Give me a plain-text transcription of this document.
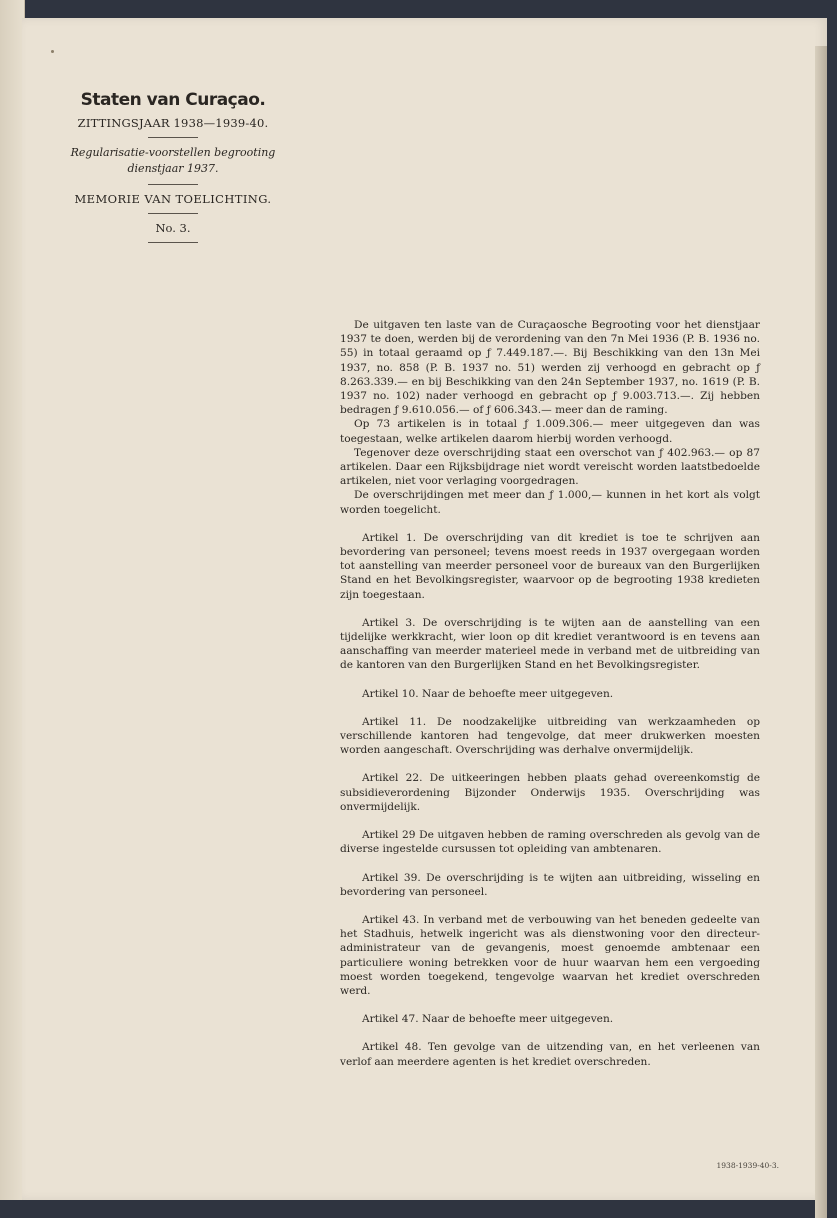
Staten van Curaçao.
ZITTINGSJAAR 1938—1939-40.
Regularisatie-voorstellen begrooting dienstjaar 1937.
MEMORIE VAN TOELICHTING.
No. 3.

De uitgaven ten laste van de Curaçaosche Begrooting voor het dienstjaar 1937 te doen, werden bij de verordening van den 7n Mei 1936 (P. B. 1936 no. 55) in totaal geraamd op ƒ 7.449.187.—. Bij Beschikking van den 13n Mei 1937, no. 858 (P. B. 1937 no. 51) werden zij verhoogd en gebracht op ƒ 8.263.339.— en bij Beschikking van den 24n September 1937, no. 1619 (P. B. 1937 no. 102) nader verhoogd en gebracht op ƒ 9.003.713.—. Zij hebben bedragen ƒ 9.610.056.— of ƒ 606.343.— meer dan de raming.

Op 73 artikelen is in totaal ƒ 1.009.306.— meer uitgegeven dan was toegestaan, welke artikelen daarom hierbij worden verhoogd.

Tegenover deze overschrijding staat een overschot van ƒ 402.963.— op 87 artikelen. Daar een Rijksbijdrage niet wordt vereischt worden laatstbedoelde artikelen, niet voor verlaging voorgedragen.

De overschrijdingen met meer dan ƒ 1.000,— kunnen in het kort als volgt worden toegelicht.

Artikel 1. De overschrijding van dit krediet is toe te schrijven aan bevordering van personeel; tevens moest reeds in 1937 overgegaan worden tot aanstelling van meerder personeel voor de bureaux van den Burgerlijken Stand en het Bevolkingsregister, waarvoor op de begrooting 1938 kredieten zijn toegestaan.

Artikel 3. De overschrijding is te wijten aan de aanstelling van een tijdelijke werkkracht, wier loon op dit krediet verantwoord is en tevens aan aanschaffing van meerder materieel mede in verband met de uitbreiding van de kantoren van den Burgerlijken Stand en het Bevolkingsregister.

Artikel 10. Naar de behoefte meer uitgegeven.

Artikel 11. De noodzakelijke uitbreiding van werkzaamheden op verschillende kantoren had tengevolge, dat meer drukwerken moesten worden aangeschaft. Overschrijding was derhalve onvermijdelijk.

Artikel 22. De uitkeeringen hebben plaats gehad overeenkomstig de subsidieverordening Bijzonder Onderwijs 1935. Overschrijding was onvermijdelijk.

Artikel 29 De uitgaven hebben de raming overschreden als gevolg van de diverse ingestelde cursussen tot opleiding van ambtenaren.

Artikel 39. De overschrijding is te wijten aan uitbreiding, wisseling en bevordering van personeel.

Artikel 43. In verband met de verbouwing van het beneden gedeelte van het Stadhuis, hetwelk ingericht was als dienstwoning voor den directeur-administrateur van de gevangenis, moest genoemde ambtenaar een particuliere woning betrekken voor de huur waarvan hem een vergoeding moest worden toegekend, tengevolge waarvan het krediet overschreden werd.

Artikel 47. Naar de behoefte meer uitgegeven.

Artikel 48. Ten gevolge van de uitzending van, en het verleenen van verlof aan meerdere agenten is het krediet overschreden.

1938-1939-40-3.
